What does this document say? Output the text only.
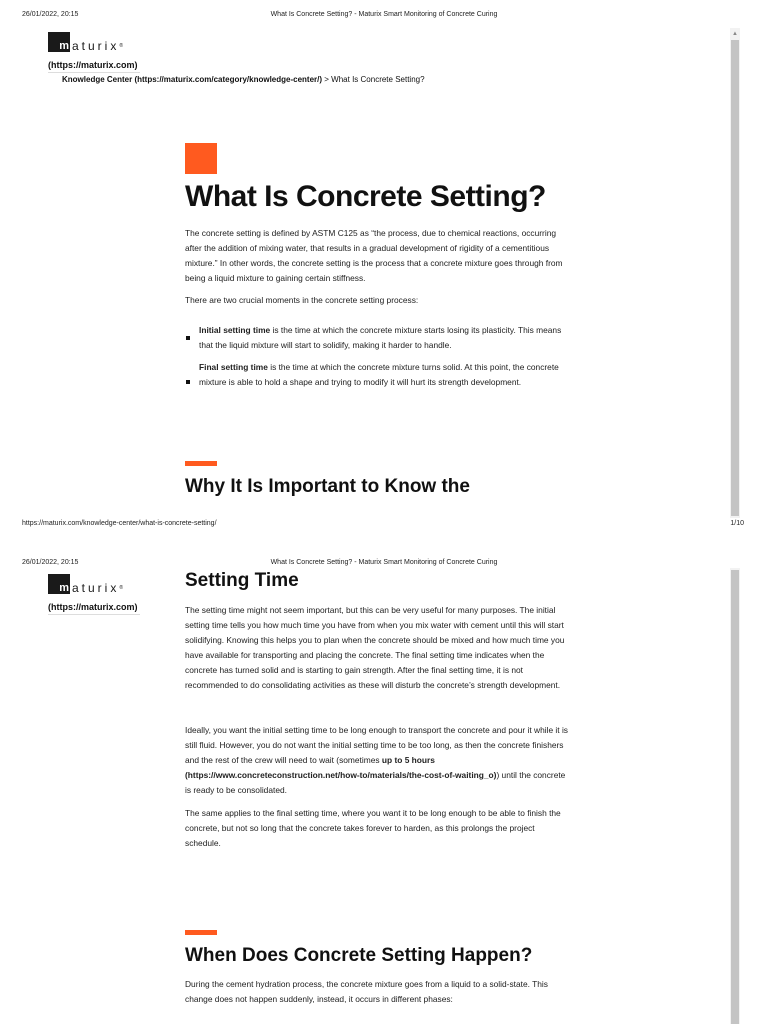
26/01/2022, 20:15	What Is Concrete Setting? - Maturix Smart Monitoring of Concrete Curing
▲
m aturix®
(https://maturix.com)
Knowledge Center (https://maturix.com/category/knowledge-center/) > What Is Concrete Setting?
What Is Concrete Setting?
The concrete setting is defined by ASTM C125 as “the process, due to chemical reactions, occurring after the addition of mixing water, that results in a gradual development of rigidity of a cementitious mixture.” In other words, the concrete setting is the process that a concrete mixture goes through from being a liquid mixture to gaining certain stiffness.
There are two crucial moments in the concrete setting process:
Initial setting time is the time at which the concrete mixture starts losing its plasticity. This means that the liquid mixture will start to solidify, making it harder to handle.
Final setting time is the time at which the concrete mixture turns solid. At this point, the concrete mixture is able to hold a shape and trying to modify it will hurt its strength development.
Why It Is Important to Know the
https://maturix.com/knowledge-center/what-is-concrete-setting/	1/10
26/01/2022, 20:15	What Is Concrete Setting? - Maturix Smart Monitoring of Concrete Curing
m aturix®
(https://maturix.com)
Setting Time
The setting time might not seem important, but this can be very useful for many purposes. The initial setting time tells you how much time you have from when you mix water with cement until this will start solidifying. Knowing this helps you to plan when the concrete should be mixed and how much time you have available for transporting and placing the concrete. The final setting time indicates when the concrete has turned solid and is starting to gain strength. After the final setting time, it is not recommended to do consolidating activities as these will disturb the concrete’s strength development.
Ideally, you want the initial setting time to be long enough to transport the concrete and pour it while it is still fluid. However, you do not want the initial setting time to be too long, as then the concrete finishers and the rest of the crew will need to wait (sometimes up to 5 hours (https://www.concreteconstruction.net/how-to/materials/the-cost-of-waiting_o)) until the concrete is ready to be consolidated.
The same applies to the final setting time, where you want it to be long enough to be able to finish the concrete, but not so long that the concrete takes forever to harden, as this prolongs the project schedule.
When Does Concrete Setting Happen?
During the cement hydration process, the concrete mixture goes from a liquid to a solid-state. This change does not happen suddenly, instead, it occurs in different phases:
